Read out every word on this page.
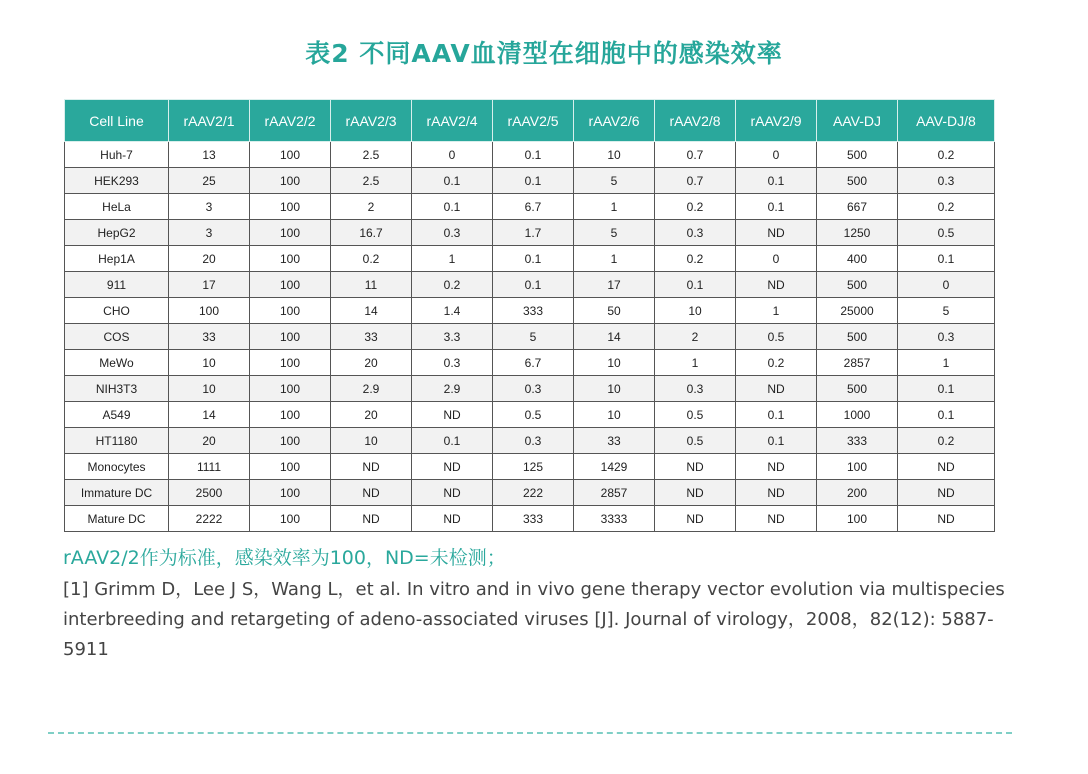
表2 不同AAV血清型在细胞中的感染效率
Cell Line	rAAV2/1	rAAV2/2	rAAV2/3	rAAV2/4	rAAV2/5	rAAV2/6	rAAV2/8	rAAV2/9	AAV-DJ	AAV-DJ/8
Huh-7	13	100	2.5	0	0.1	10	0.7	0	500	0.2
HEK293	25	100	2.5	0.1	0.1	5	0.7	0.1	500	0.3
HeLa	3	100	2	0.1	6.7	1	0.2	0.1	667	0.2
HepG2	3	100	16.7	0.3	1.7	5	0.3	ND	1250	0.5
Hep1A	20	100	0.2	1	0.1	1	0.2	0	400	0.1
911	17	100	11	0.2	0.1	17	0.1	ND	500	0
CHO	100	100	14	1.4	333	50	10	1	25000	5
COS	33	100	33	3.3	5	14	2	0.5	500	0.3
MeWo	10	100	20	0.3	6.7	10	1	0.2	2857	1
NIH3T3	10	100	2.9	2.9	0.3	10	0.3	ND	500	0.1
A549	14	100	20	ND	0.5	10	0.5	0.1	1000	0.1
HT1180	20	100	10	0.1	0.3	33	0.5	0.1	333	0.2
Monocytes	1111	100	ND	ND	125	1429	ND	ND	100	ND
Immature DC	2500	100	ND	ND	222	2857	ND	ND	200	ND
Mature DC	2222	100	ND	ND	333	3333	ND	ND	100	ND
rAAV2/2作为标准，感染效率为100，ND=未检测；
[1] Grimm D，Lee J S，Wang L，et al. In vitro and in vivo gene therapy vector evolution via multispecies interbreeding and retargeting of adeno-associated viruses [J]. Journal of virology，2008，82(12): 5887-5911
